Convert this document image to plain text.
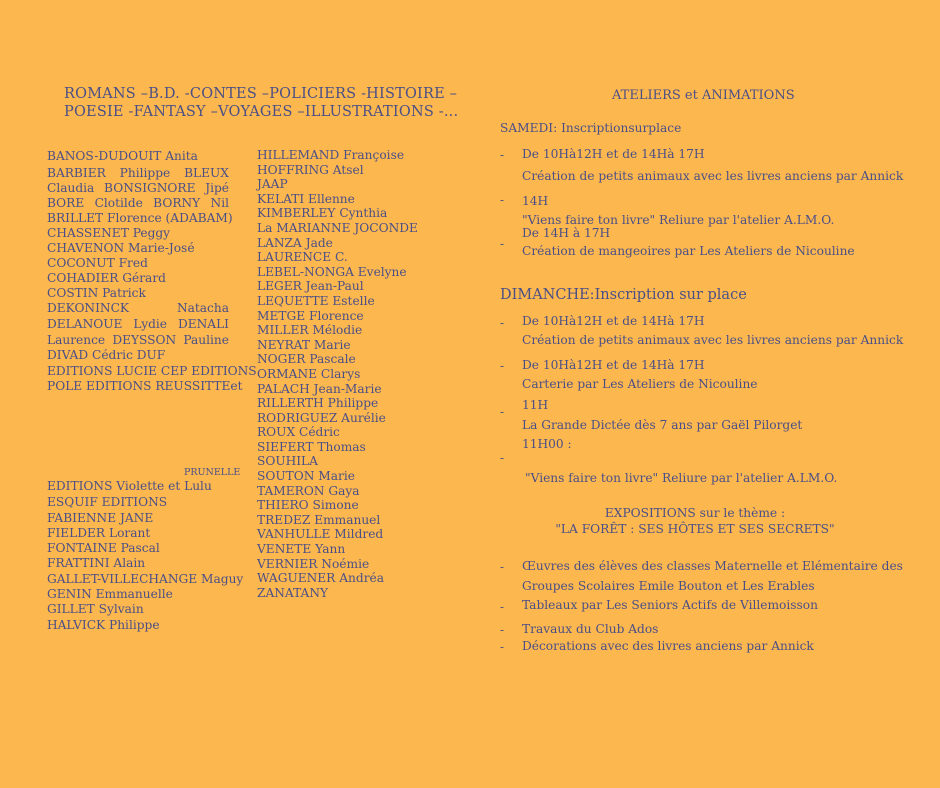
ROMANS –B.D. -CONTES –POLICIERS -HISTOIRE –
POESIE -FANTASY –VOYAGES –ILLUSTRATIONS -...
BANOS-DUDOUIT Anita
BARBIER Philippe BLEUX
Claudia BONSIGNORE Jipé
BORE Clotilde BORNY Nil
BRILLET Florence (ADABAM)
CHASSENET Peggy
CHAVENON Marie-José
COCONUT Fred
COHADIER Gérard
COSTIN Patrick
DEKONINCK	Natacha
DELANOUE Lydie DENALI
Laurence DEYSSON Pauline
DIVAD Cédric DUF
EDITIONS LUCIE CEP EDITIONS
POLE EDITIONS REUSSITTEet
PRUNELLE
EDITIONS Violette et Lulu
ESQUIF EDITIONS
FABIENNE JANE
FIELDER Lorant
FONTAINE Pascal
FRATTINI Alain
GALLET-VILLECHANGE Maguy
GENIN Emmanuelle
GILLET Sylvain
HALVICK Philippe
HILLEMAND Françoise
HOFFRING Atsel
JAAP
KELATI Ellenne
KIMBERLEY Cynthia
La MARIANNE JOCONDE
LANZA Jade
LAURENCE C.
LEBEL-NONGA Evelyne
LEGER Jean-Paul
LEQUETTE Estelle
METGE Florence
MILLER Mélodie
NEYRAT Marie
NOGER Pascale
ORMANE Clarys
PALACH Jean-Marie
RILLERTH Philippe
RODRIGUEZ Aurélie
ROUX Cédric
SIEFERT Thomas
SOUHILA
SOUTON Marie
TAMERON Gaya
THIERO Simone
TREDEZ Emmanuel
VANHULLE Mildred
VENETE Yann
VERNIER Noémie
WAGUENER Andréa
ZANATANY
ATELIERS et ANIMATIONS
SAMEDI: Inscriptionsurplace
- De 10Hà12H et de 14Hà 17H
Création de petits animaux avec les livres anciens par Annick
- 14H
"Viens faire ton livre" Reliure par l'atelier A.LM.O.
De 14H à 17H
- Création de mangeoires par Les Ateliers de Nicouline
DIMANCHE:Inscription sur place
- De 10Hà12H et de 14Hà 17H
Création de petits animaux avec les livres anciens par Annick
- De 10Hà12H et de 14Hà 17H
Carterie par Les Ateliers de Nicouline
11H
-
La Grande Dictée dès 7 ans par Gaël Pilorget
11H00 :
-
"Viens faire ton livre" Reliure par l'atelier A.LM.O.
EXPOSITIONS sur le thème :
"LA FORÊT : SES HÔTES ET SES SECRETS"
- Œuvres des élèves des classes Maternelle et Elémentaire des
Groupes Scolaires Emile Bouton et Les Erables
- Tableaux par Les Seniors Actifs de Villemoisson
- Travaux du Club Ados
- Décorations avec des livres anciens par Annick
